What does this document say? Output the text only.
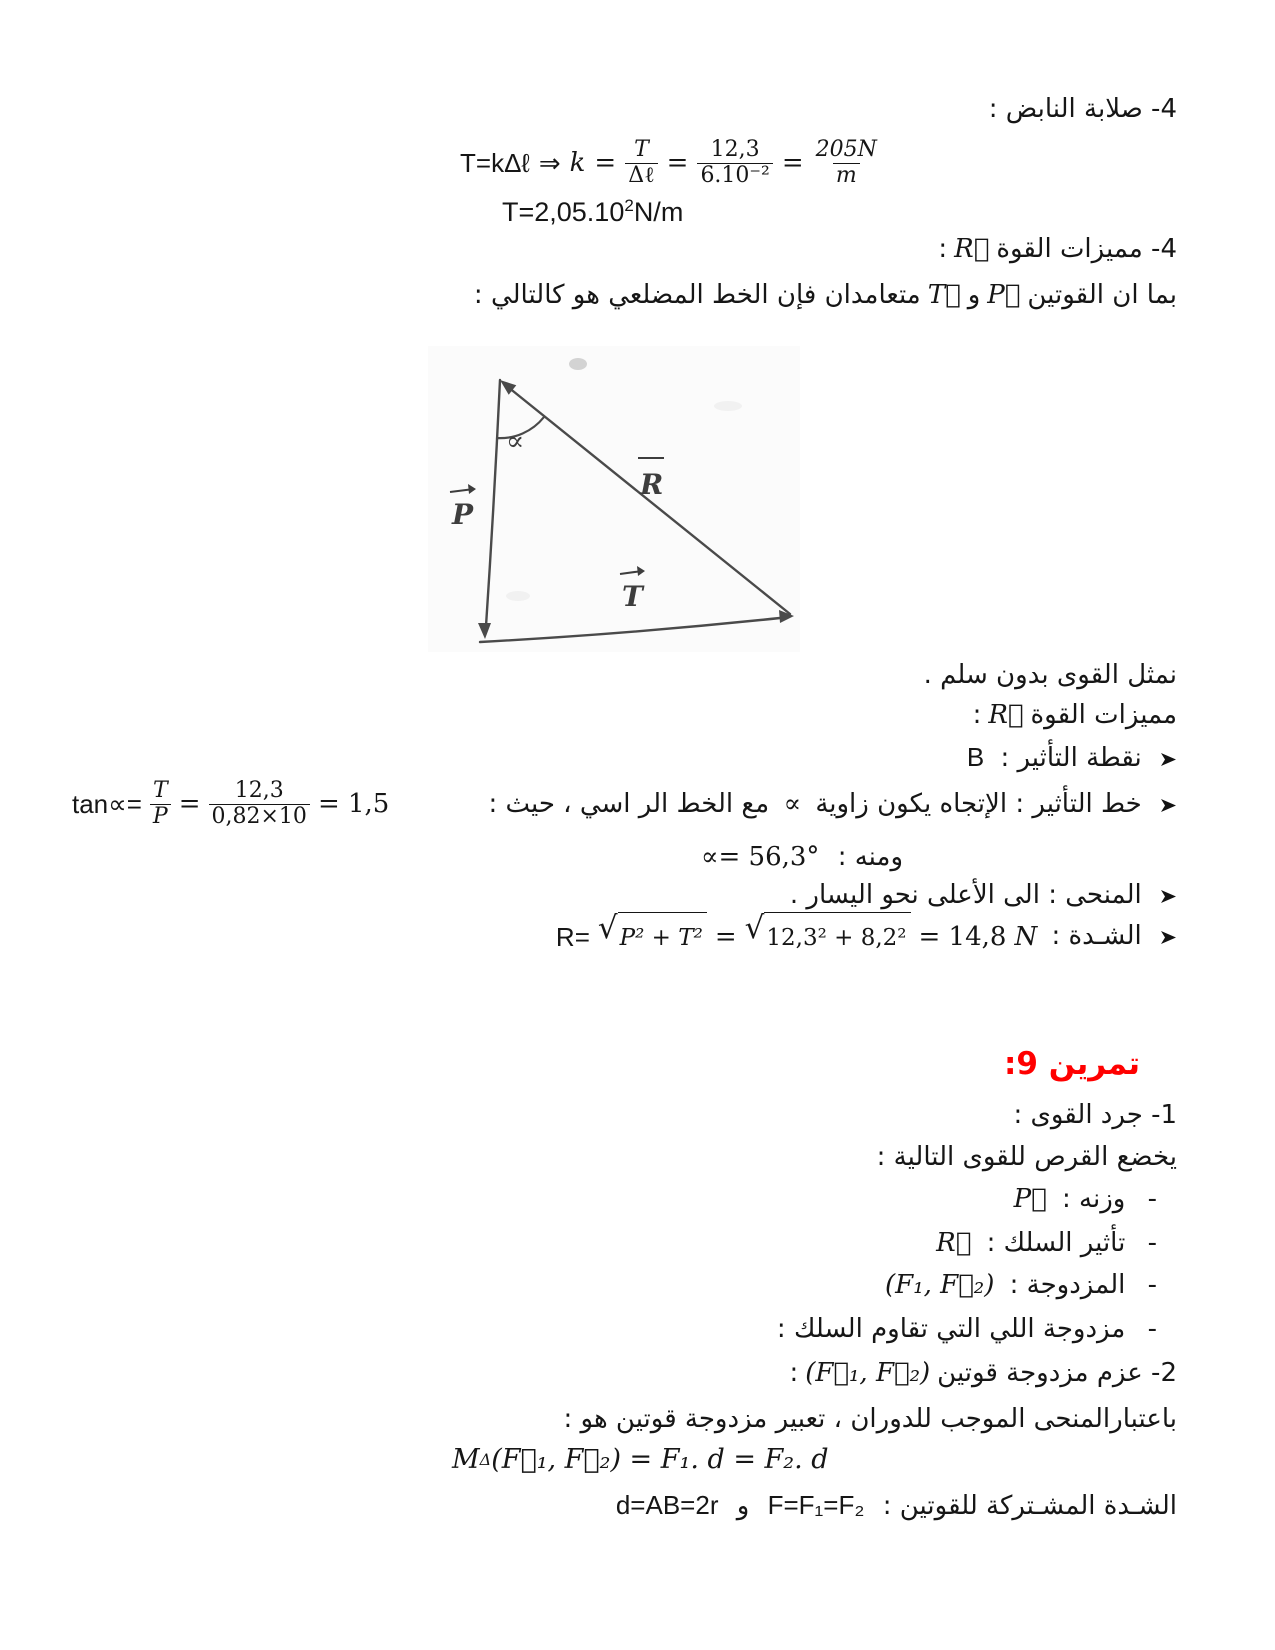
4- صلابة النابض :
T=kΔℓ ⇒ $k = \frac{T}{\text{Δℓ}} = \frac{12,3}{\text{6.10⁻²}} = \frac{205N}{m}$
$T=2,05.10^2N/m$
4- مميزات القوةR⃗:
بما ان القوتينP⃗وT⃗متعامدان فإن الخط المضلعي هو كالتالي :
∝
P
R
T
نمثل القوى بدون سلم .
مميزات القوةR⃗:
نقطة التأثير : B
خط التأثير : الإتجاه يكون زاوية ∝ مع الخط الر اسي ، حيث :
$\tan\propto= \frac{T}{P} = \frac{12,3}{0,82\times 10} = 1,5$
ومنه : ∝= 56,3°
المنحى : الى الأعلى نحو اليسار .
الشـدة :
R= √ P² + T² = √ 12,3² + 8,2² = 14,8 N
تمرين 9:
1- جرد القوى :
يخضع القرص للقوى التالية :
- وزنه : P⃗
- تأثير السلك : R⃗
- المزدوجة : (F₁, F⃗₂)
- مزدوجة اللي التي تقاوم السلك :
2- عزم مزدوجة قوتين(F⃗₁, F⃗₂):
باعتبارالمنحى الموجب للدوران ، تعبير مزدوجة قوتين هو :
M Δ (F⃗₁, F⃗₂) = F₁. d = F₂. d
الشـدة المشـتركة للقوتين : F=F₁=F₂ و d=AB=2r
